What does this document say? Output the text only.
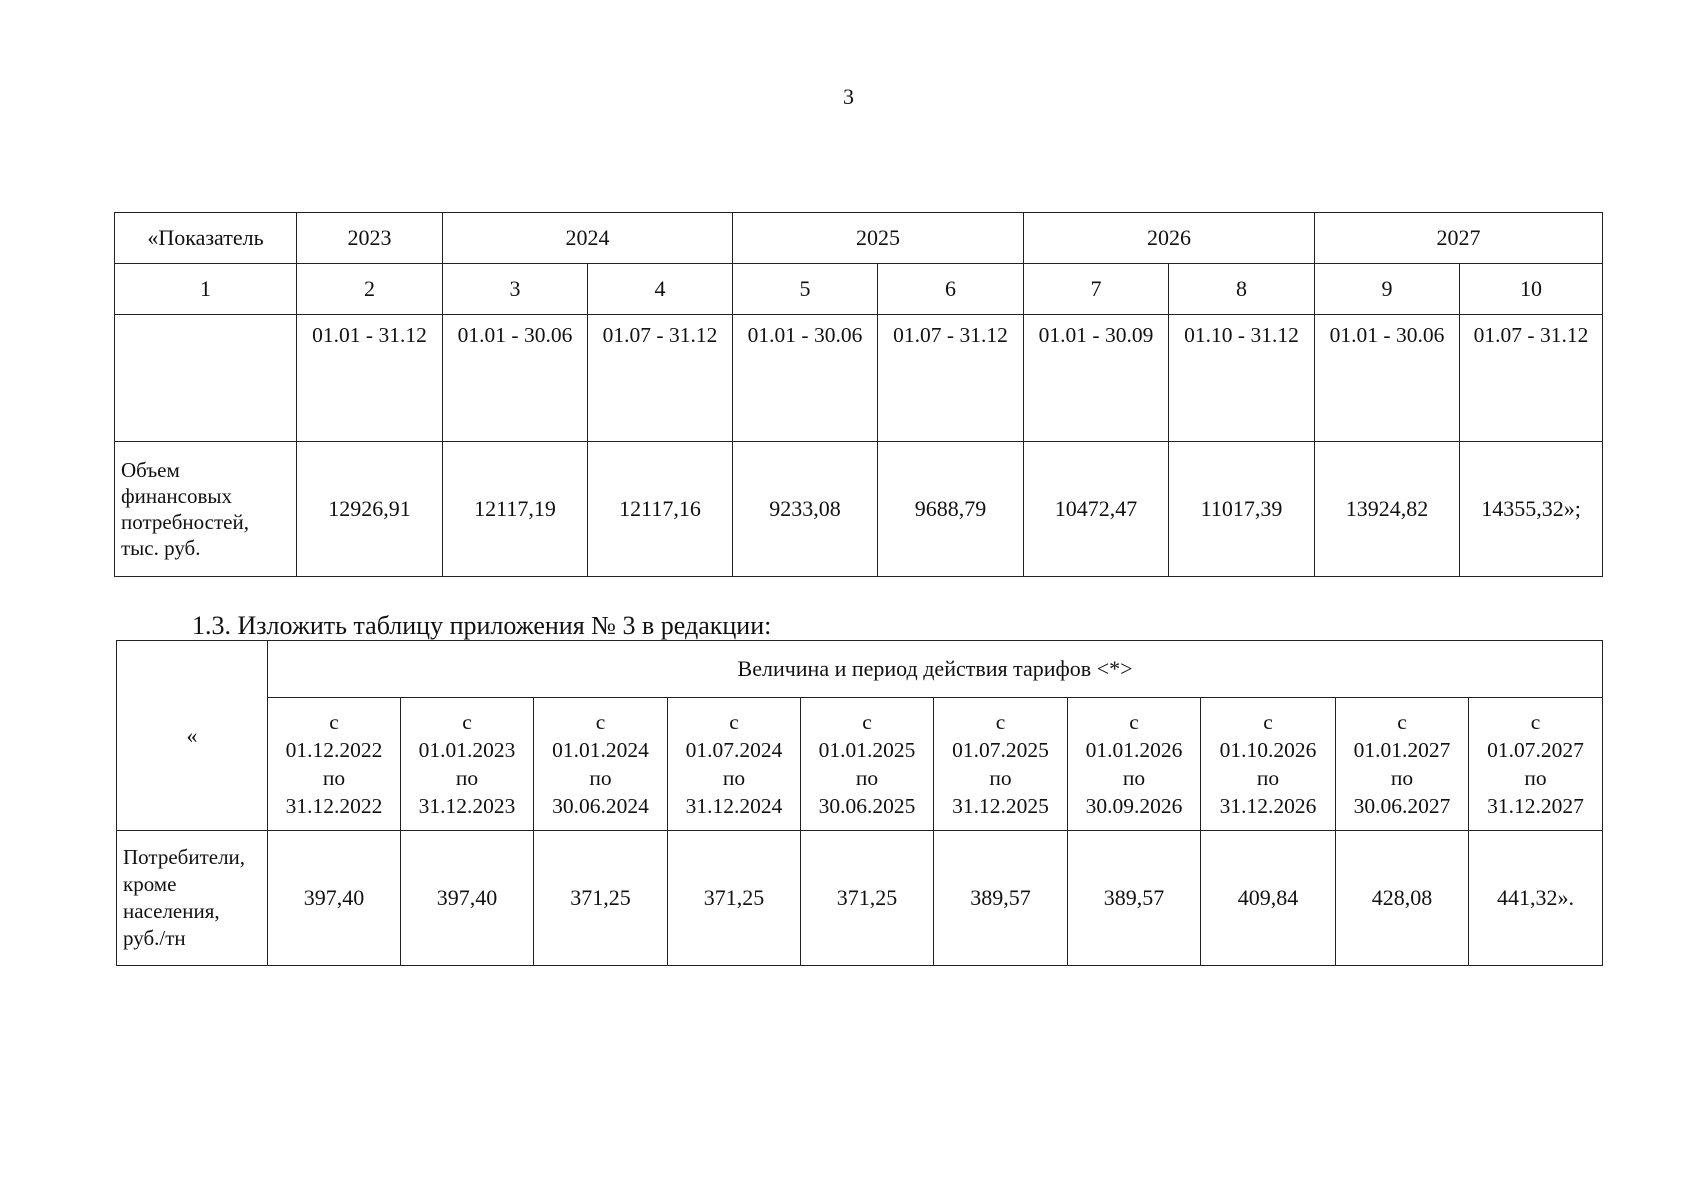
3
«Показатель	2023	2024		2025		2026		2027	
1	2	3	4	5	6	7	8	9	10
	01.01 - 31.12	01.01 - 30.06	01.07 - 31.12	01.01 - 30.06	01.07 - 31.12	01.01 - 30.09	01.10 - 31.12	01.01 - 30.06	01.07 - 31.12

Объем
финансовых
потребностей,
тыс. руб.	12926,91	12117,19	12117,16	9233,08	9688,79	10472,47	11017,39	13924,82	14355,32»;
1.3. Изложить таблицу приложения № 3 в редакции:
«	Величина и период действия тарифов <*>									

	с
01.12.2022
по
31.12.2022	с
01.01.2023
по
31.12.2023	с
01.01.2024
по
30.06.2024	с
01.07.2024
по
31.12.2024	с
01.01.2025
по
30.06.2025	с
01.07.2025
по
31.12.2025	с
01.01.2026
по
30.09.2026	с
01.10.2026
по
31.12.2026	с
01.01.2027
по
30.06.2027	с
01.07.2027
по
31.12.2027

Потребители,
кроме
населения,
руб./тн	397,40	397,40	371,25	371,25	371,25	389,57	389,57	409,84	428,08	441,32».
